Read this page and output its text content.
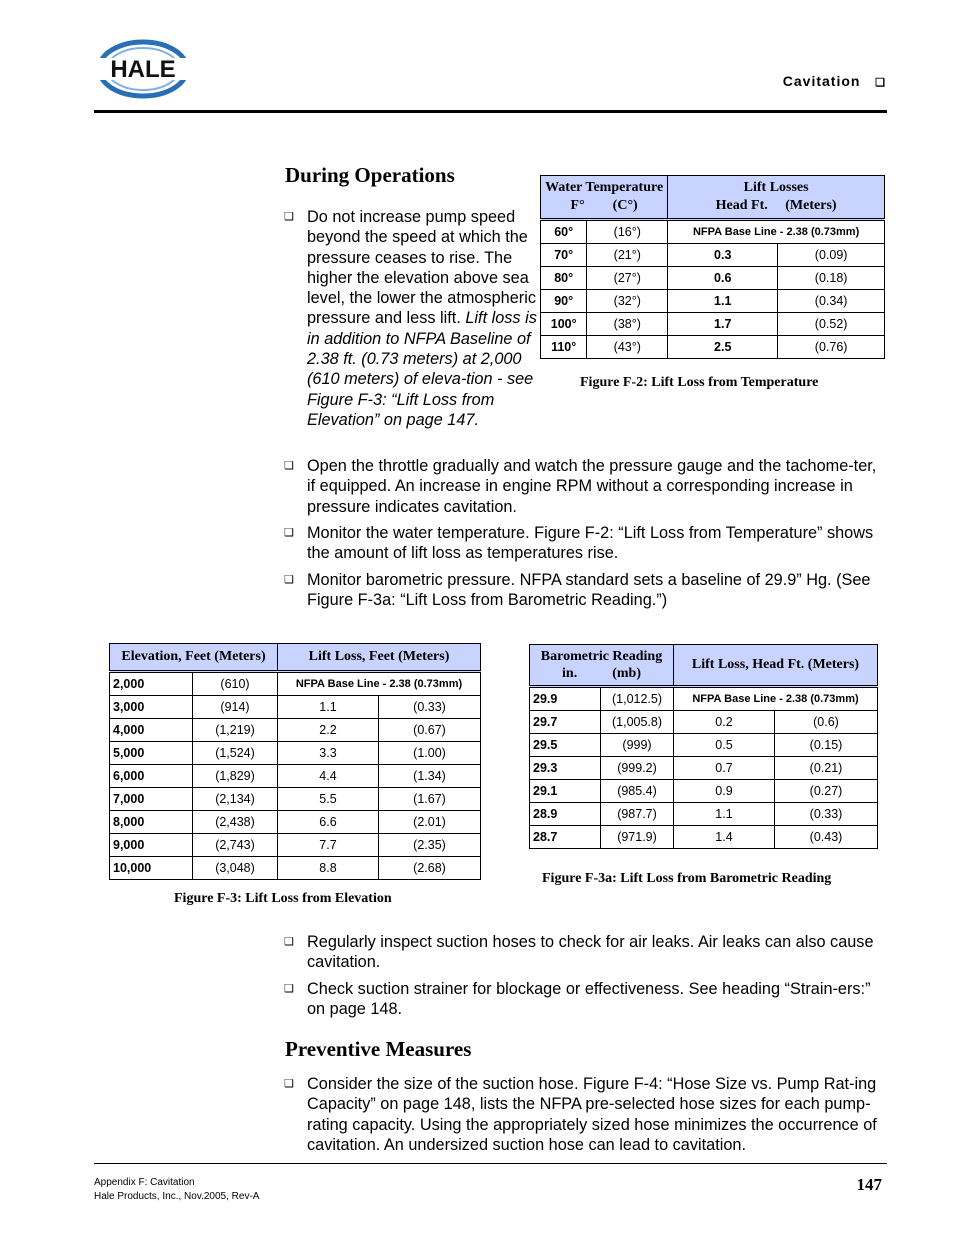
HALE	Cavitation ❑
During Operations
❑ Do not increase pump speed beyond the speed at which the pressure ceases to rise. The higher the elevation above sea level, the lower the atmospheric pressure and less lift. Lift loss is in addition to NFPA Baseline of 2.38 ft. (0.73 meters) at 2,000 (610 meters) of eleva-tion - see Figure F-3: “Lift Loss from Elevation” on page 147.
Water Temperature
F° (C°)		Lift Losses
Head Ft. (Meters)	
60°	(16°)	NFPA Base Line - 2.38 (0.73mm)	
70°	(21°)	0.3	(0.09)
80°	(27°)	0.6	(0.18)
90°	(32°)	1.1	(0.34)
100°	(38°)	1.7	(0.52)
110°	(43°)	2.5	(0.76)
Figure F-2: Lift Loss from Temperature
❑ Open the throttle gradually and watch the pressure gauge and the tachome-ter, if equipped. An increase in engine RPM without a corresponding increase in pressure indicates cavitation.
❑ Monitor the water temperature. Figure F-2: “Lift Loss from Temperature” shows the amount of lift loss as temperatures rise.
❑ Monitor barometric pressure. NFPA standard sets a baseline of 29.9” Hg. (See Figure F-3a: “Lift Loss from Barometric Reading.”)
Elevation, Feet (Meters)		Lift Loss, Feet (Meters)	
2,000	(610)	NFPA Base Line - 2.38 (0.73mm)	
3,000	(914)	1.1	(0.33)
4,000	(1,219)	2.2	(0.67)
5,000	(1,524)	3.3	(1.00)
6,000	(1,829)	4.4	(1.34)
7,000	(2,134)	5.5	(1.67)
8,000	(2,438)	6.6	(2.01)
9,000	(2,743)	7.7	(2.35)
10,000	(3,048)	8.8	(2.68)
Figure F-3: Lift Loss from Elevation
Barometric Reading
in. (mb)		Lift Loss, Head Ft. (Meters)	
29.9	(1,012.5)	NFPA Base Line - 2.38 (0.73mm)	
29.7	(1,005.8)	0.2	(0.6)
29.5	(999)	0.5	(0.15)
29.3	(999.2)	0.7	(0.21)
29.1	(985.4)	0.9	(0.27)
28.9	(987.7)	1.1	(0.33)
28.7	(971.9)	1.4	(0.43)
Figure F-3a: Lift Loss from Barometric Reading
❑ Regularly inspect suction hoses to check for air leaks. Air leaks can also cause cavitation.
❑ Check suction strainer for blockage or effectiveness. See heading “Strain-ers:” on page 148.
Preventive Measures
❑ Consider the size of the suction hose. Figure F-4: “Hose Size vs. Pump Rat-ing Capacity” on page 148, lists the NFPA pre-selected hose sizes for each pump-rating capacity. Using the appropriately sized hose minimizes the occurrence of cavitation. An undersized suction hose can lead to cavitation.
Appendix F: Cavitation
Hale Products, Inc., Nov.2005, Rev-A
147
